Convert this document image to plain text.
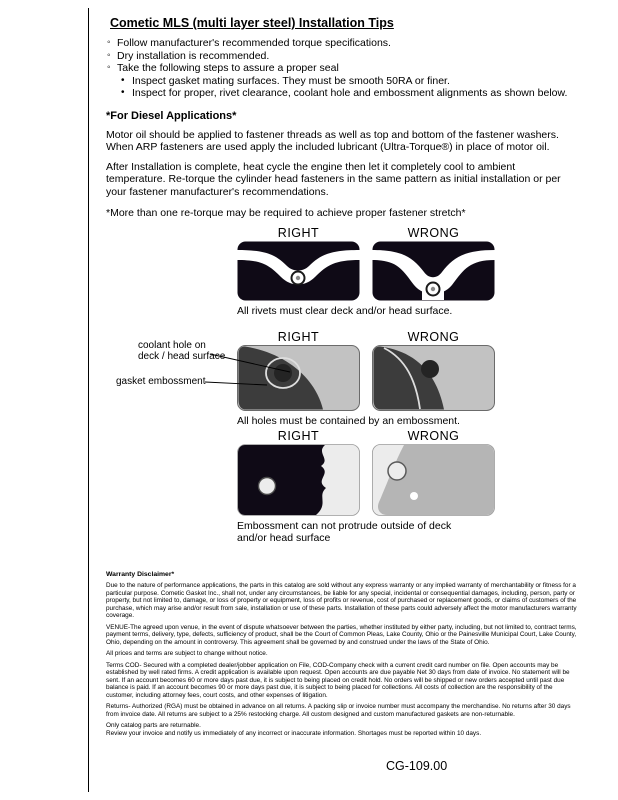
Cometic MLS (multi layer steel) Installation Tips
◦ Follow manufacturer's recommended torque specifications.
◦ Dry installation is recommended.
◦ Take the following steps to assure a proper seal
• Inspect gasket mating surfaces. They must be smooth 50RA or finer.
• Inspect for proper, rivet clearance, coolant hole and embossment alignments as shown below.
*For Diesel Applications*

Motor oil should be applied to fastener threads as well as top and bottom of the fastener washers. When ARP fasteners are used apply the included lubricant (Ultra-Torque®) in place of motor oil.

After Installation is complete, heat cycle the engine then let it completely cool to ambient temperature. Re-torque the cylinder head fasteners in the same pattern as initial installation or per your fastener manufacturer's recommendations.

*More than one re-torque may be required to achieve proper fastener stretch*

RIGHT	WRONG
All rivets must clear deck and/or head surface.
RIGHT	WRONG
All holes must be contained by an embossment.
RIGHT	WRONG
Embossment can not protrude outside of deck and/or head surface
coolant hole on
deck / head surface
gasket embossment
Warranty Disclaimer*

Due to the nature of performance applications, the parts in this catalog are sold without any express warranty or any implied warranty of merchantability or fitness for a particular purpose. Cometic Gasket Inc., shall not, under any circumstances, be liable for any special, incidental or consequential damages, including, person, party or property, but not limited to, damage, or loss of property or equipment, loss of profits or revenue, cost of purchased or replacement goods, or claims of customers of the purchase, which may arise and/or result from sale, installation or use of these parts. Installation of these parts could adversely affect the motor manufacturers warranty coverage.

VENUE-The agreed upon venue, in the event of dispute whatsoever between the parties, whether instituted by either party, including, but not limited to, contract terms, payment terms, delivery, type, defects, sufficiency of product, shall be the Court of Common Pleas, Lake County, Ohio or the Painesville Municipal Court, Lake County, Ohio, depending on the amount in controversy. This agreement shall be governed by and construed under the laws of the State of Ohio.

All prices and terms are subject to change without notice.

Terms COD- Secured with a completed dealer/jobber application on File, COD-Company check with a current credit card number on file. Open accounts may be established by well rated firms. A credit application is available upon request. Open accounts are due payable Net 30 days from date of invoice. No statement will be sent. If an account becomes 60 or more days past due, it is subject to being placed on credit hold. No orders will be shipped or new orders accepted until past due balance is paid. If an account becomes 90 or more days past due, it is subject to being placed for collections. All costs of collection are the responsibility of the customer, including attorney fees, court costs, and other expenses of litigation.

Returns- Authorized (RGA) must be obtained in advance on all returns. A packing slip or invoice number must accompany the merchandise. No returns after 30 days from invoice date. All returns are subject to a 25% restocking charge. All custom designed and custom manufactured gaskets are non-returnable.

Only catalog parts are returnable.

Review your invoice and notify us immediately of any incorrect or inaccurate information. Shortages must be reported within 10 days.

CG-109.00
